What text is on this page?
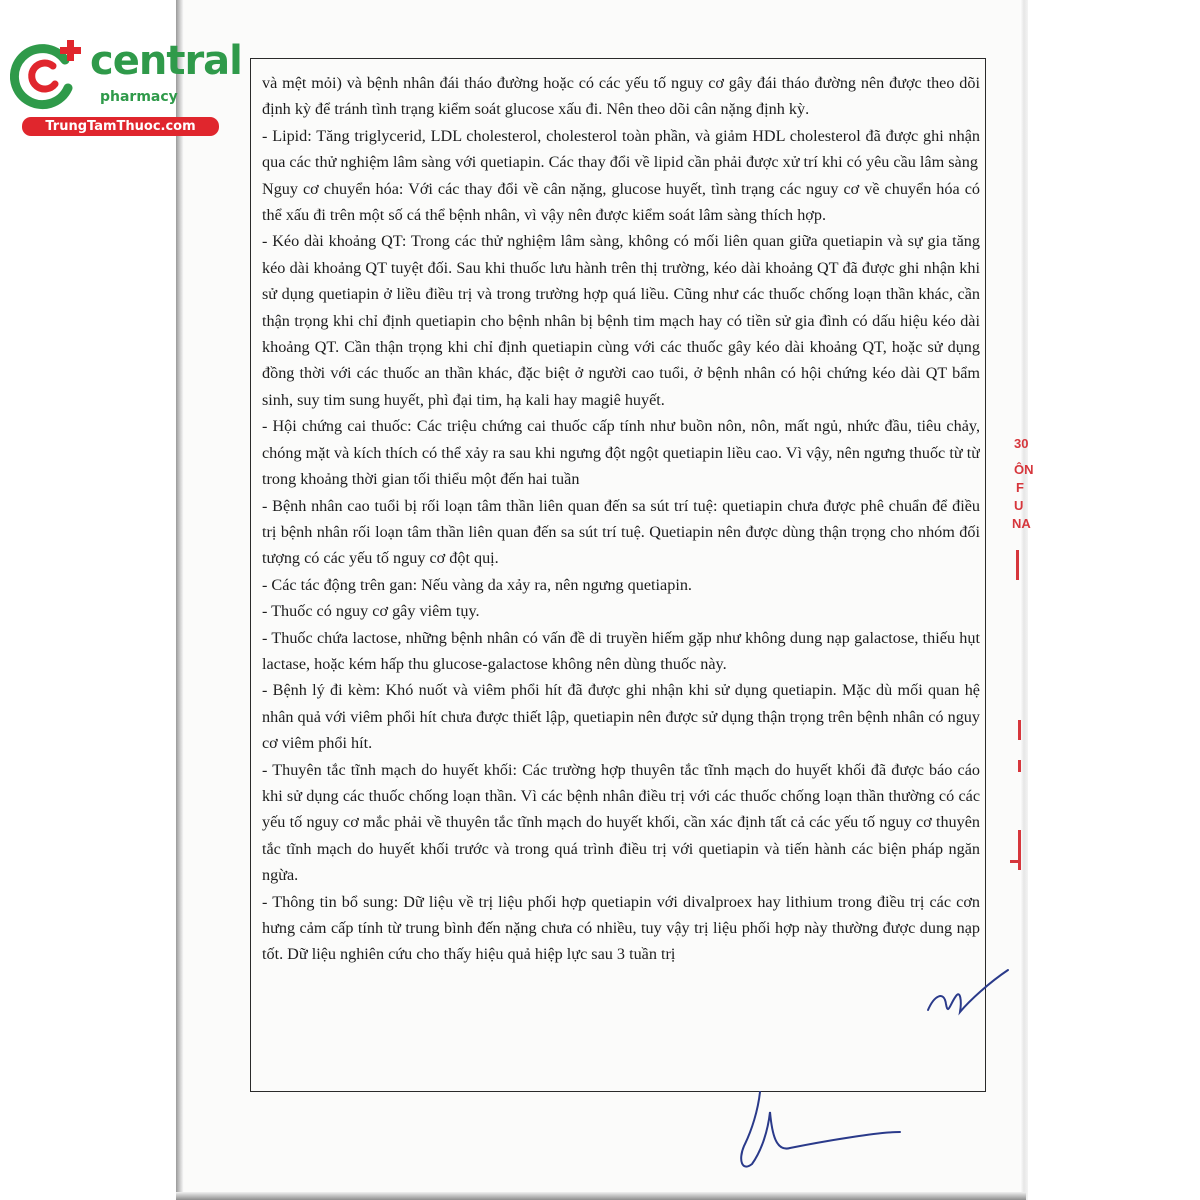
central
pharmacy
TrungTamThuoc.com

và mệt mỏi) và bệnh nhân đái tháo đường hoặc có các yếu tố nguy cơ gây đái tháo đường nên được theo dõi định kỳ để tránh tình trạng kiểm soát glucose xấu đi. Nên theo dõi cân nặng định kỳ.

- Lipid: Tăng triglycerid, LDL cholesterol, cholesterol toàn phần, và giảm HDL cholesterol đã được ghi nhận qua các thử nghiệm lâm sàng với quetiapin. Các thay đổi về lipid cần phải được xử trí khi có yêu cầu lâm sàng

Nguy cơ chuyển hóa: Với các thay đổi về cân nặng, glucose huyết, tình trạng các nguy cơ về chuyển hóa có thể xấu đi trên một số cá thể bệnh nhân, vì vậy nên được kiểm soát lâm sàng thích hợp.

- Kéo dài khoảng QT: Trong các thử nghiệm lâm sàng, không có mối liên quan giữa quetiapin và sự gia tăng kéo dài khoảng QT tuyệt đối. Sau khi thuốc lưu hành trên thị trường, kéo dài khoảng QT đã được ghi nhận khi sử dụng quetiapin ở liều điều trị và trong trường hợp quá liều. Cũng như các thuốc chống loạn thần khác, cần thận trọng khi chỉ định quetiapin cho bệnh nhân bị bệnh tim mạch hay có tiền sử gia đình có dấu hiệu kéo dài khoảng QT. Cần thận trọng khi chỉ định quetiapin cùng với các thuốc gây kéo dài khoảng QT, hoặc sử dụng đồng thời với các thuốc an thần khác, đặc biệt ở người cao tuổi, ở bệnh nhân có hội chứng kéo dài QT bẩm sinh, suy tim sung huyết, phì đại tim, hạ kali hay magiê huyết.

- Hội chứng cai thuốc: Các triệu chứng cai thuốc cấp tính như buồn nôn, nôn, mất ngủ, nhức đầu, tiêu chảy, chóng mặt và kích thích có thể xảy ra sau khi ngưng đột ngột quetiapin liều cao. Vì vậy, nên ngưng thuốc từ từ trong khoảng thời gian tối thiểu một đến hai tuần

- Bệnh nhân cao tuổi bị rối loạn tâm thần liên quan đến sa sút trí tuệ: quetiapin chưa được phê chuẩn để điều trị bệnh nhân rối loạn tâm thần liên quan đến sa sút trí tuệ. Quetiapin nên được dùng thận trọng cho nhóm đối tượng có các yếu tố nguy cơ đột quị.

- Các tác động trên gan: Nếu vàng da xảy ra, nên ngưng quetiapin.

- Thuốc có nguy cơ gây viêm tụy.

- Thuốc chứa lactose, những bệnh nhân có vấn đề di truyền hiếm gặp như không dung nạp galactose, thiếu hụt lactase, hoặc kém hấp thu glucose-galactose không nên dùng thuốc này.

- Bệnh lý đi kèm: Khó nuốt và viêm phổi hít đã được ghi nhận khi sử dụng quetiapin. Mặc dù mối quan hệ nhân quả với viêm phổi hít chưa được thiết lập, quetiapin nên được sử dụng thận trọng trên bệnh nhân có nguy cơ viêm phổi hít.

- Thuyên tắc tĩnh mạch do huyết khối: Các trường hợp thuyên tắc tĩnh mạch do huyết khối đã được báo cáo khi sử dụng các thuốc chống loạn thần. Vì các bệnh nhân điều trị với các thuốc chống loạn thần thường có các yếu tố nguy cơ mắc phải về thuyên tắc tĩnh mạch do huyết khối, cần xác định tất cả các yếu tố nguy cơ thuyên tắc tĩnh mạch do huyết khối trước và trong quá trình điều trị với quetiapin và tiến hành các biện pháp ngăn ngừa.

- Thông tin bổ sung: Dữ liệu về trị liệu phối hợp quetiapin với divalproex hay lithium trong điều trị các cơn hưng cảm cấp tính từ trung bình đến nặng chưa có nhiều, tuy vậy trị liệu phối hợp này thường được dung nạp tốt. Dữ liệu nghiên cứu cho thấy hiệu quả hiệp lực sau 3 tuần trị

30
ÔN
F
U
NA
